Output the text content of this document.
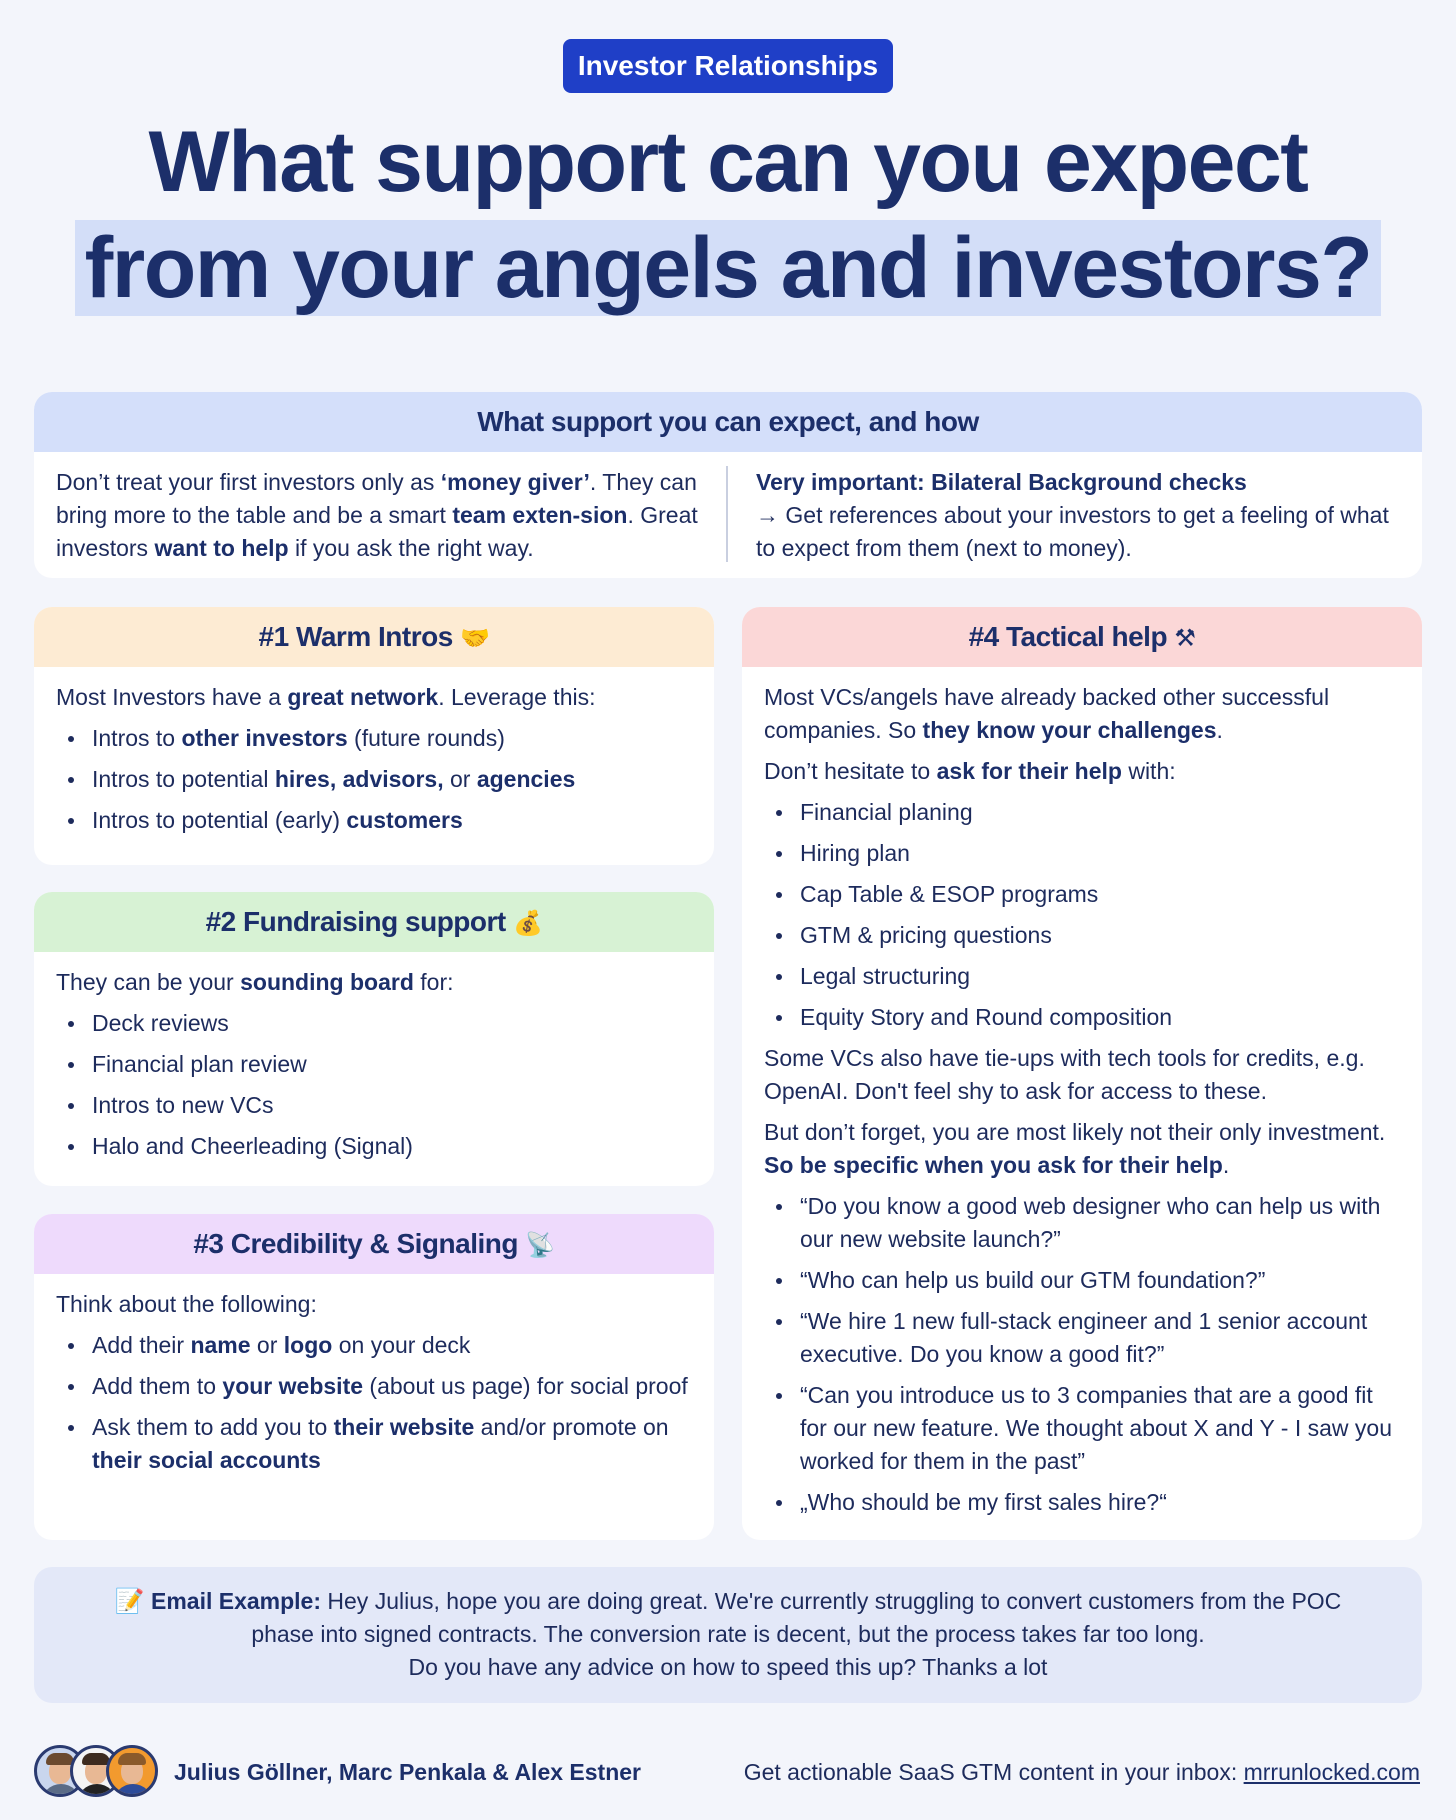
Investor Relationships
What support can you expect
from your angels and investors?
What support you can expect, and how
Don’t treat your first investors only as ‘money giver’. They can bring more to the table and be a smart team exten-sion. Great investors want to help if you ask the right way.
Very important: Bilateral Background checks
→ Get references about your investors to get a feeling of what to expect from them (next to money).
#1 Warm Intros 🤝

Most Investors have a great network. Leverage this:

Intros to other investors (future rounds)
Intros to potential hires, advisors, or agencies
Intros to potential (early) customers
#2 Fundraising support 💰

They can be your sounding board for:

Deck reviews
Financial plan review
Intros to new VCs
Halo and Cheerleading (Signal)
#3 Credibility & Signaling 📡

Think about the following:

Add their name or logo on your deck
Add them to your website (about us page) for social proof
Ask them to add you to their website and/or promote on their social accounts
#4 Tactical help ⚒

Most VCs/angels have already backed other successful companies. So they know your challenges.

Don’t hesitate to ask for their help with:

Financial planing
Hiring plan
Cap Table & ESOP programs
GTM & pricing questions
Legal structuring
Equity Story and Round composition

Some VCs also have tie-ups with tech tools for credits, e.g. OpenAI. Don't feel shy to ask for access to these.

But don’t forget, you are most likely not their only investment. So be specific when you ask for their help.

“Do you know a good web designer who can help us with our new website launch?”
“Who can help us build our GTM foundation?”
“We hire 1 new full-stack engineer and 1 senior account executive. Do you know a good fit?”
“Can you introduce us to 3 companies that are a good fit for our new feature. We thought about X and Y - I saw you worked for them in the past”
„Who should be my first sales hire?“
📝 Email Example: Hey Julius, hope you are doing great. We're currently struggling to convert customers from the POC
phase into signed contracts. The conversion rate is decent, but the process takes far too long.
Do you have any advice on how to speed this up? Thanks a lot
Julius Göllner, Marc Penkala & Alex Estner	Get actionable SaaS GTM content in your inbox: mrrunlocked.com
